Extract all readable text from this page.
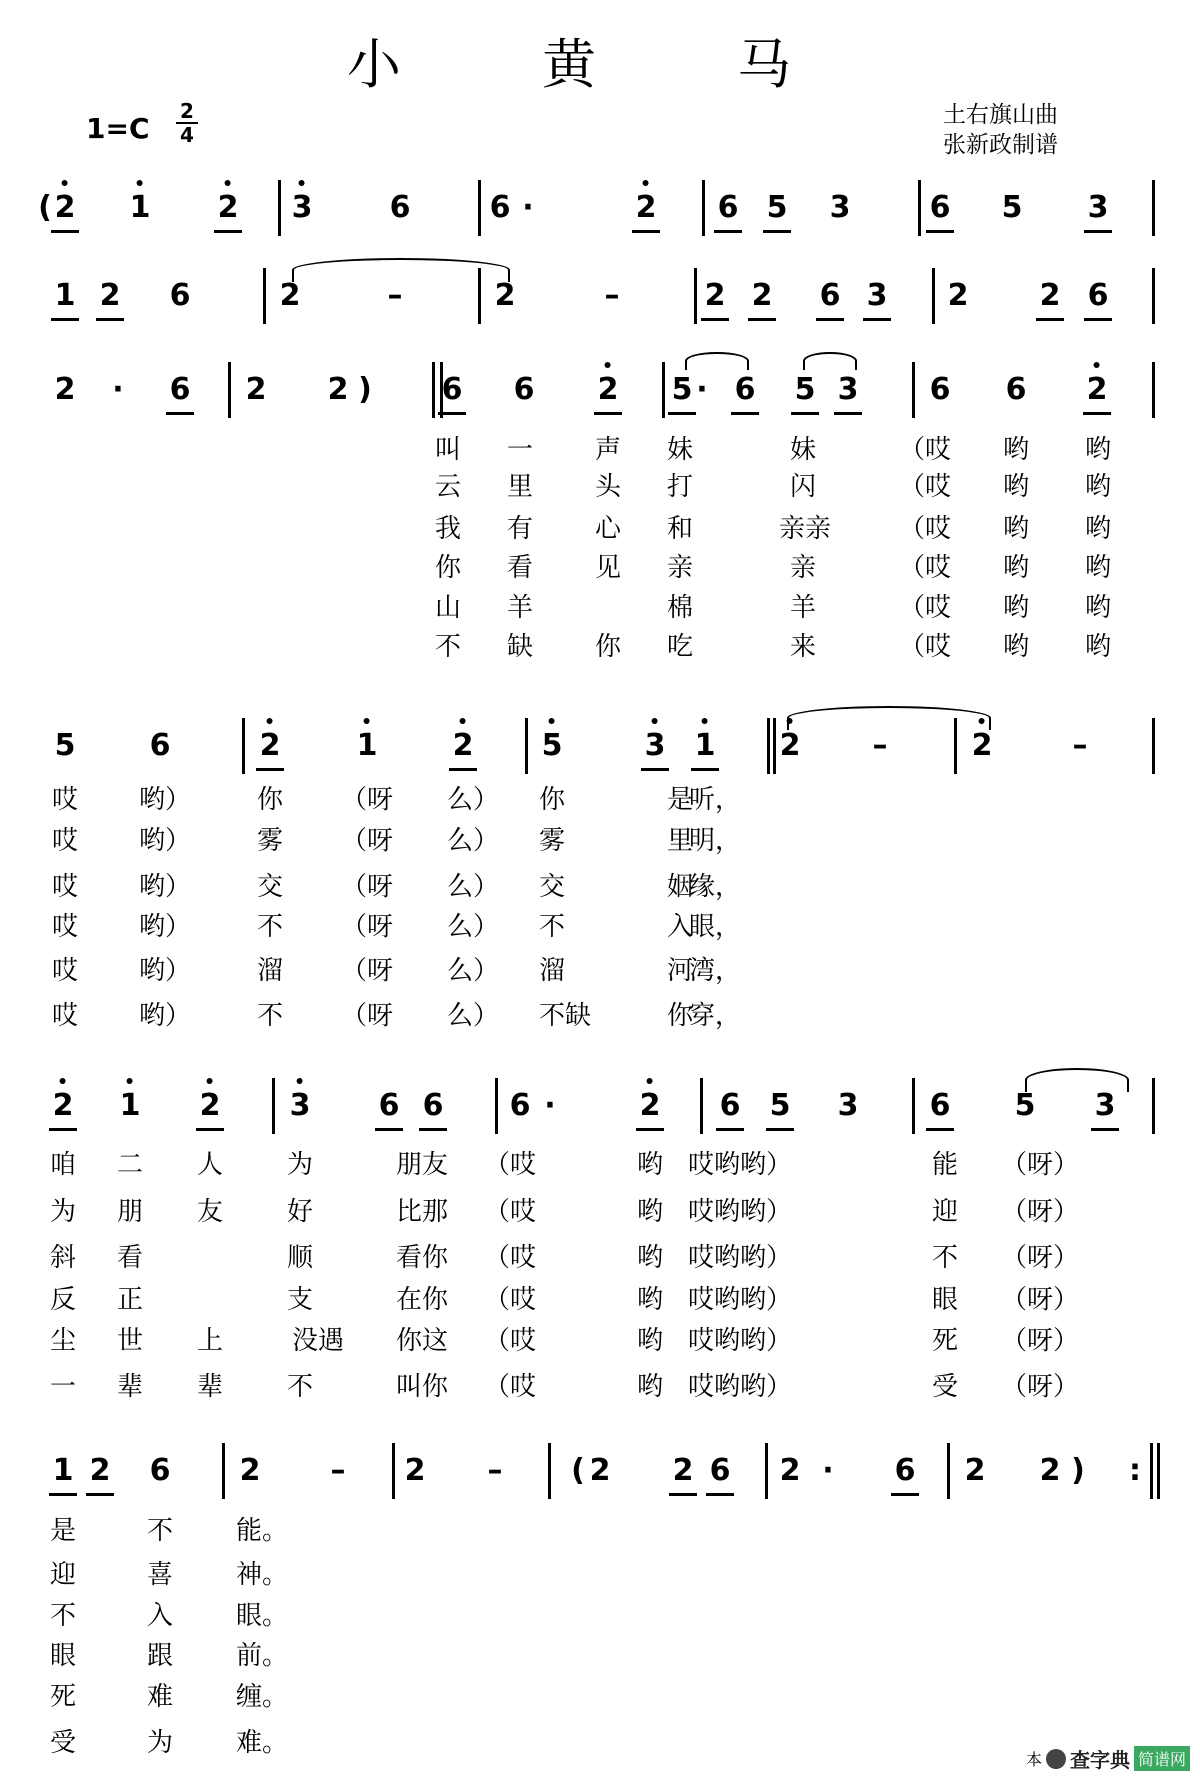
小 黄 马
1=C
2
4
土右旗山曲
张新政制谱
( 2 1 2 3	6	6 ·	2 6 5 3	6 5 3
1 2 6	2	–	2	–	2 2 6 3 2 2 6
2 · 6 2 2 ) 6 6 2 5 · 6 5 3 6 6 2
5 6	2	1	2 5	3 1 2 –	2	–
2 1 2 3 6 6 6 ·	2 6 5 3 6 5 3
1 2 6 2 – 2 – ( 2 2 6 2 · 6 2 2 ) :
叫 一 声 妹	妹	（哎 哟 哟
云 里 头 打	闪	（哎 哟 哟
我 有 心 和	亲亲	（哎 哟 哟
你 看 见 亲	亲	（哎 哟 哟
山 羊	棉	羊	（哎 哟 哟
不 缺 你 吃	来	（哎 哟 哟
哎 哟）	你 （呀 么） 你	是
听，
哎 哟）	雾 （呀 么） 雾	里
明，
哎 哟）	交 （呀 么） 交	姻
缘，
哎 哟）	不 （呀 么） 不	入
眼，
哎 哟）	溜 （呀 么） 溜	河
湾，
哎 哟）	不 （呀 么） 不缺	你
穿，
咱 二 人 为	朋友 （哎	哟 哎哟哟）	能 （呀）
为 朋 友 好	比那 （哎	哟 哎哟哟）	迎 （呀）
斜 看	顺	看你 （哎	哟 哎哟哟）	不 （呀）
反 正	支	在你 （哎	哟 哎哟哟）	眼 （呀）
尘 世 上	没遇 你这 （哎	哟 哎哟哟）	死 （呀）
一 辈 辈 不	叫你 （哎	哟 哎哟哟）	受 （呀）
是	不 能。
迎	喜 神。
不	入 眼。
眼	跟 前。
死	难 缠。
受	为 难。
本 查字典 简谱网
